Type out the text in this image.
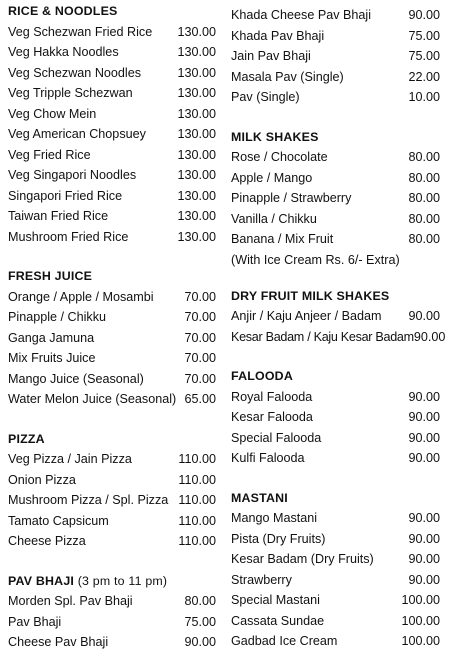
RICE & NOODLES
Veg Schezwan Fried Rice 130.00
Veg Hakka Noodles	130.00
Veg Schezwan Noodles	130.00
Veg Tripple Schezwan	130.00
Veg Chow Mein	130.00
Veg American Chopsuey	130.00
Veg Fried Rice	130.00
Veg Singapori Noodles	130.00
Singapori Fried Rice	130.00
Taiwan Fried Rice	130.00
Mushroom Fried Rice	130.00
FRESH JUICE
Orange / Apple / Mosambi 70.00
Pinapple / Chikku	70.00
Ganga Jamuna	70.00
Mix Fruits Juice	70.00
Mango Juice (Seasonal)	70.00
Water Melon Juice (Seasonal) 65.00
PIZZA
Veg Pizza / Jain Pizza	110.00
Onion Pizza	110.00
Mushroom Pizza / Spl. Pizza 110.00
Tamato Capsicum	110.00
Cheese Pizza	110.00
PAV BHAJI (3 pm to 11 pm)
Morden Spl. Pav Bhaji	80.00
Pav Bhaji	75.00
Cheese Pav Bhaji	90.00
Khada Cheese Pav Bhaji	90.00
Khada Pav Bhaji	75.00
Jain Pav Bhaji	75.00
Masala Pav (Single)	22.00
Pav (Single)	10.00
MILK SHAKES
Rose / Chocolate	80.00
Apple / Mango	80.00
Pinapple / Strawberry	80.00
Vanilla / Chikku	80.00
Banana / Mix Fruit	80.00
(With Ice Cream Rs. 6/- Extra)
DRY FRUIT MILK SHAKES
Anjir / Kaju Anjeer / Badam 90.00
Kesar Badam / Kaju Kesar Badam 90.00
FALOODA
Royal Falooda	90.00
Kesar Falooda	90.00
Special Falooda	90.00
Kulfi Falooda	90.00
MASTANI
Mango Mastani	90.00
Pista (Dry Fruits)	90.00
Kesar Badam (Dry Fruits)	90.00
Strawberry	90.00
Special Mastani	100.00
Cassata Sundae	100.00
Gadbad Ice Cream	100.00
